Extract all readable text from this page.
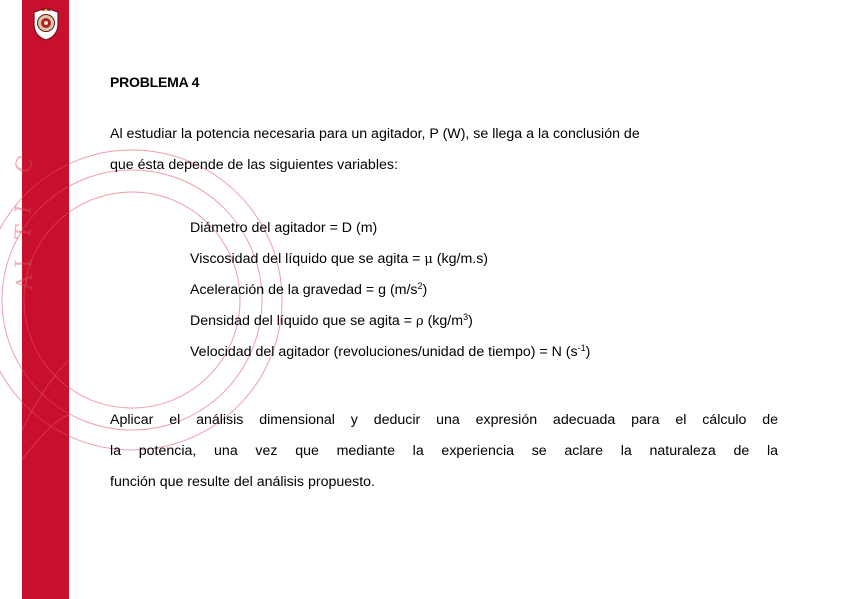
C
I
T
I
A
PROBLEMA 4
Al estudiar la potencia necesaria para un agitador, P (W), se llega a la conclusión de
que ésta depende de las siguientes variables:
Diámetro del agitador = D (m)
Viscosidad del líquido que se agita = μ (kg/m.s)
Aceleración de la gravedad = g $(m/s^2)$
Densidad del líquido que se agita = ρ $(kg/m^3)$
Velocidad del agitador (revoluciones/unidad de tiempo) = N $(s^{-1})$
Aplicar el análisis dimensional y deducir una expresión adecuada para el cálculo de
la potencia, una vez que mediante la experiencia se aclare la naturaleza de la
función que resulte del análisis propuesto.
